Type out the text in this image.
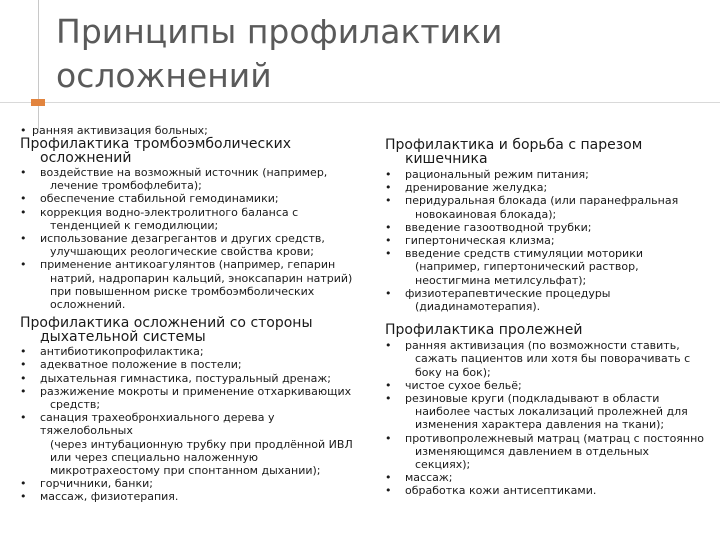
Принципы профилактики
осложнений
• ранняя активизация больных;
Профилактика тромбоэмболических
осложнений
• воздействие на возможный источник (например,
лечение тромбофлебита);
• обеспечение стабильной гемодинамики;
• коррекция водно-электролитного баланса с
тенденцией к гемодилюции;
• использование дезагрегантов и других средств,
улучшающих реологические свойства крови;
• применение антикоагулянтов (например, гепарин
натрий, надропарин кальций, эноксапарин натрий)
при повышенном риске тромбоэмболических
осложнений.
Профилактика осложнений со стороны
дыхательной системы
• антибиотикопрофилактика;
• адекватное положение в постели;
• дыхательная гимнастика, постуральный дренаж;
• разжижение мокроты и применение отхаркивающих
средств;
• санация трахеобронхиального дерева у тяжелобольных
(через интубационную трубку при продлённой ИВЛ
или через специально наложенную
микротрахеостому при спонтанном дыхании);
• горчичники, банки;
• массаж, физиотерапия.
Профилактика и борьба с парезом
кишечника
• рациональный режим питания;
• дренирование желудка;
• перидуральная блокада (или паранефральная
новокаиновая блокада);
• введение газоотводной трубки;
• гипертоническая клизма;
• введение средств стимуляции моторики
(например, гипертонический раствор,
неостигмина метилсульфат);
• физиотерапевтические процедуры
(диадинамотерапия).
Профилактика пролежней
• ранняя активизация (по возможности ставить,
сажать пациентов или хотя бы поворачивать с
боку на бок);
• чистое сухое бельё;
• резиновые круги (подкладывают в области
наиболее частых локализаций пролежней для
изменения характера давления на ткани);
• противопролежневый матрац (матрац с постоянно
изменяющимся давлением в отдельных
секциях);
• массаж;
• обработка кожи антисептиками.
